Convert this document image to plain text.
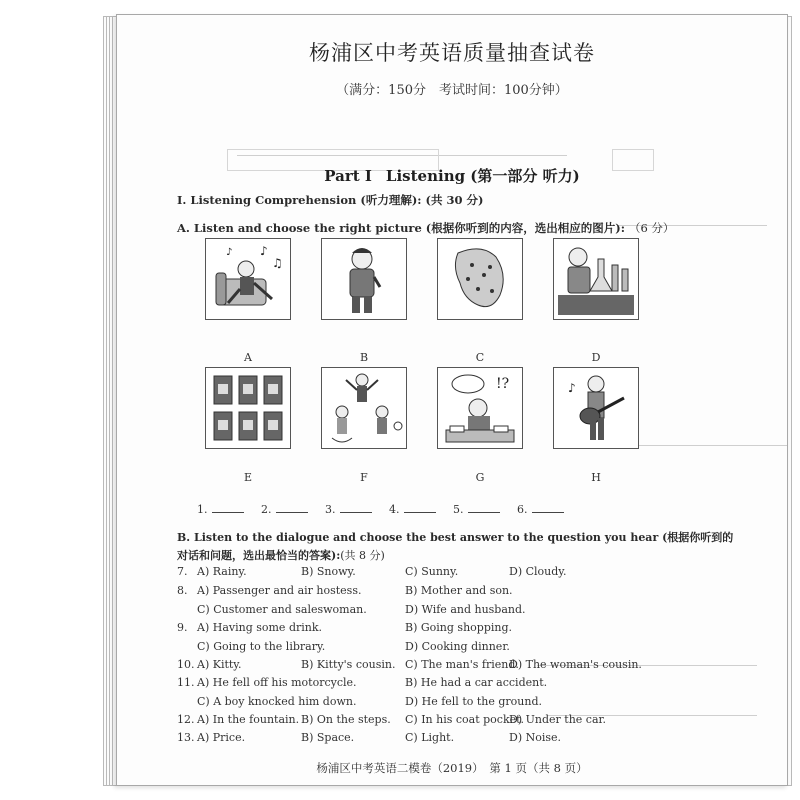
杨浦区中考英语质量抽查试卷
（满分：150分　考试时间：100分钟）
Part I Listening (第一部分 听力)
I. Listening Comprehension (听力理解): (共 30 分)
A. Listen and choose the right picture (根据你听到的内容，选出相应的图片): （6 分）
♪
♫
♪
A	B	C	D
!?	♪
E	F	G	H
1.	2.	3.	4.	5.	6.
B. Listen to the dialogue and choose the best answer to the question you hear (根据你听到的对话和问题，选出最恰当的答案):(共 8 分)
7. A) Rainy.	B) Snowy.	C) Sunny.	D) Cloudy.
8. A) Passenger and air hostess.	B) Mother and son.
C) Customer and saleswoman.	D) Wife and husband.
9. A) Having some drink.	B) Going shopping.
C) Going to the library.	D) Cooking dinner.
10. A) Kitty.	B) Kitty's cousin. C) The man's friend.
D) The woman's cousin.
11. A) He fell off his motorcycle.	B) He had a car accident.
C) A boy knocked him down.	D) He fell to the ground.
12. A) In the fountain. B) On the steps. C) In his coat pocket.
D) Under the car.
13. A) Price.	B) Space.	C) Light.	D) Noise.
杨浦区中考英语二模卷（2019）　第 1 页（共 8 页）
